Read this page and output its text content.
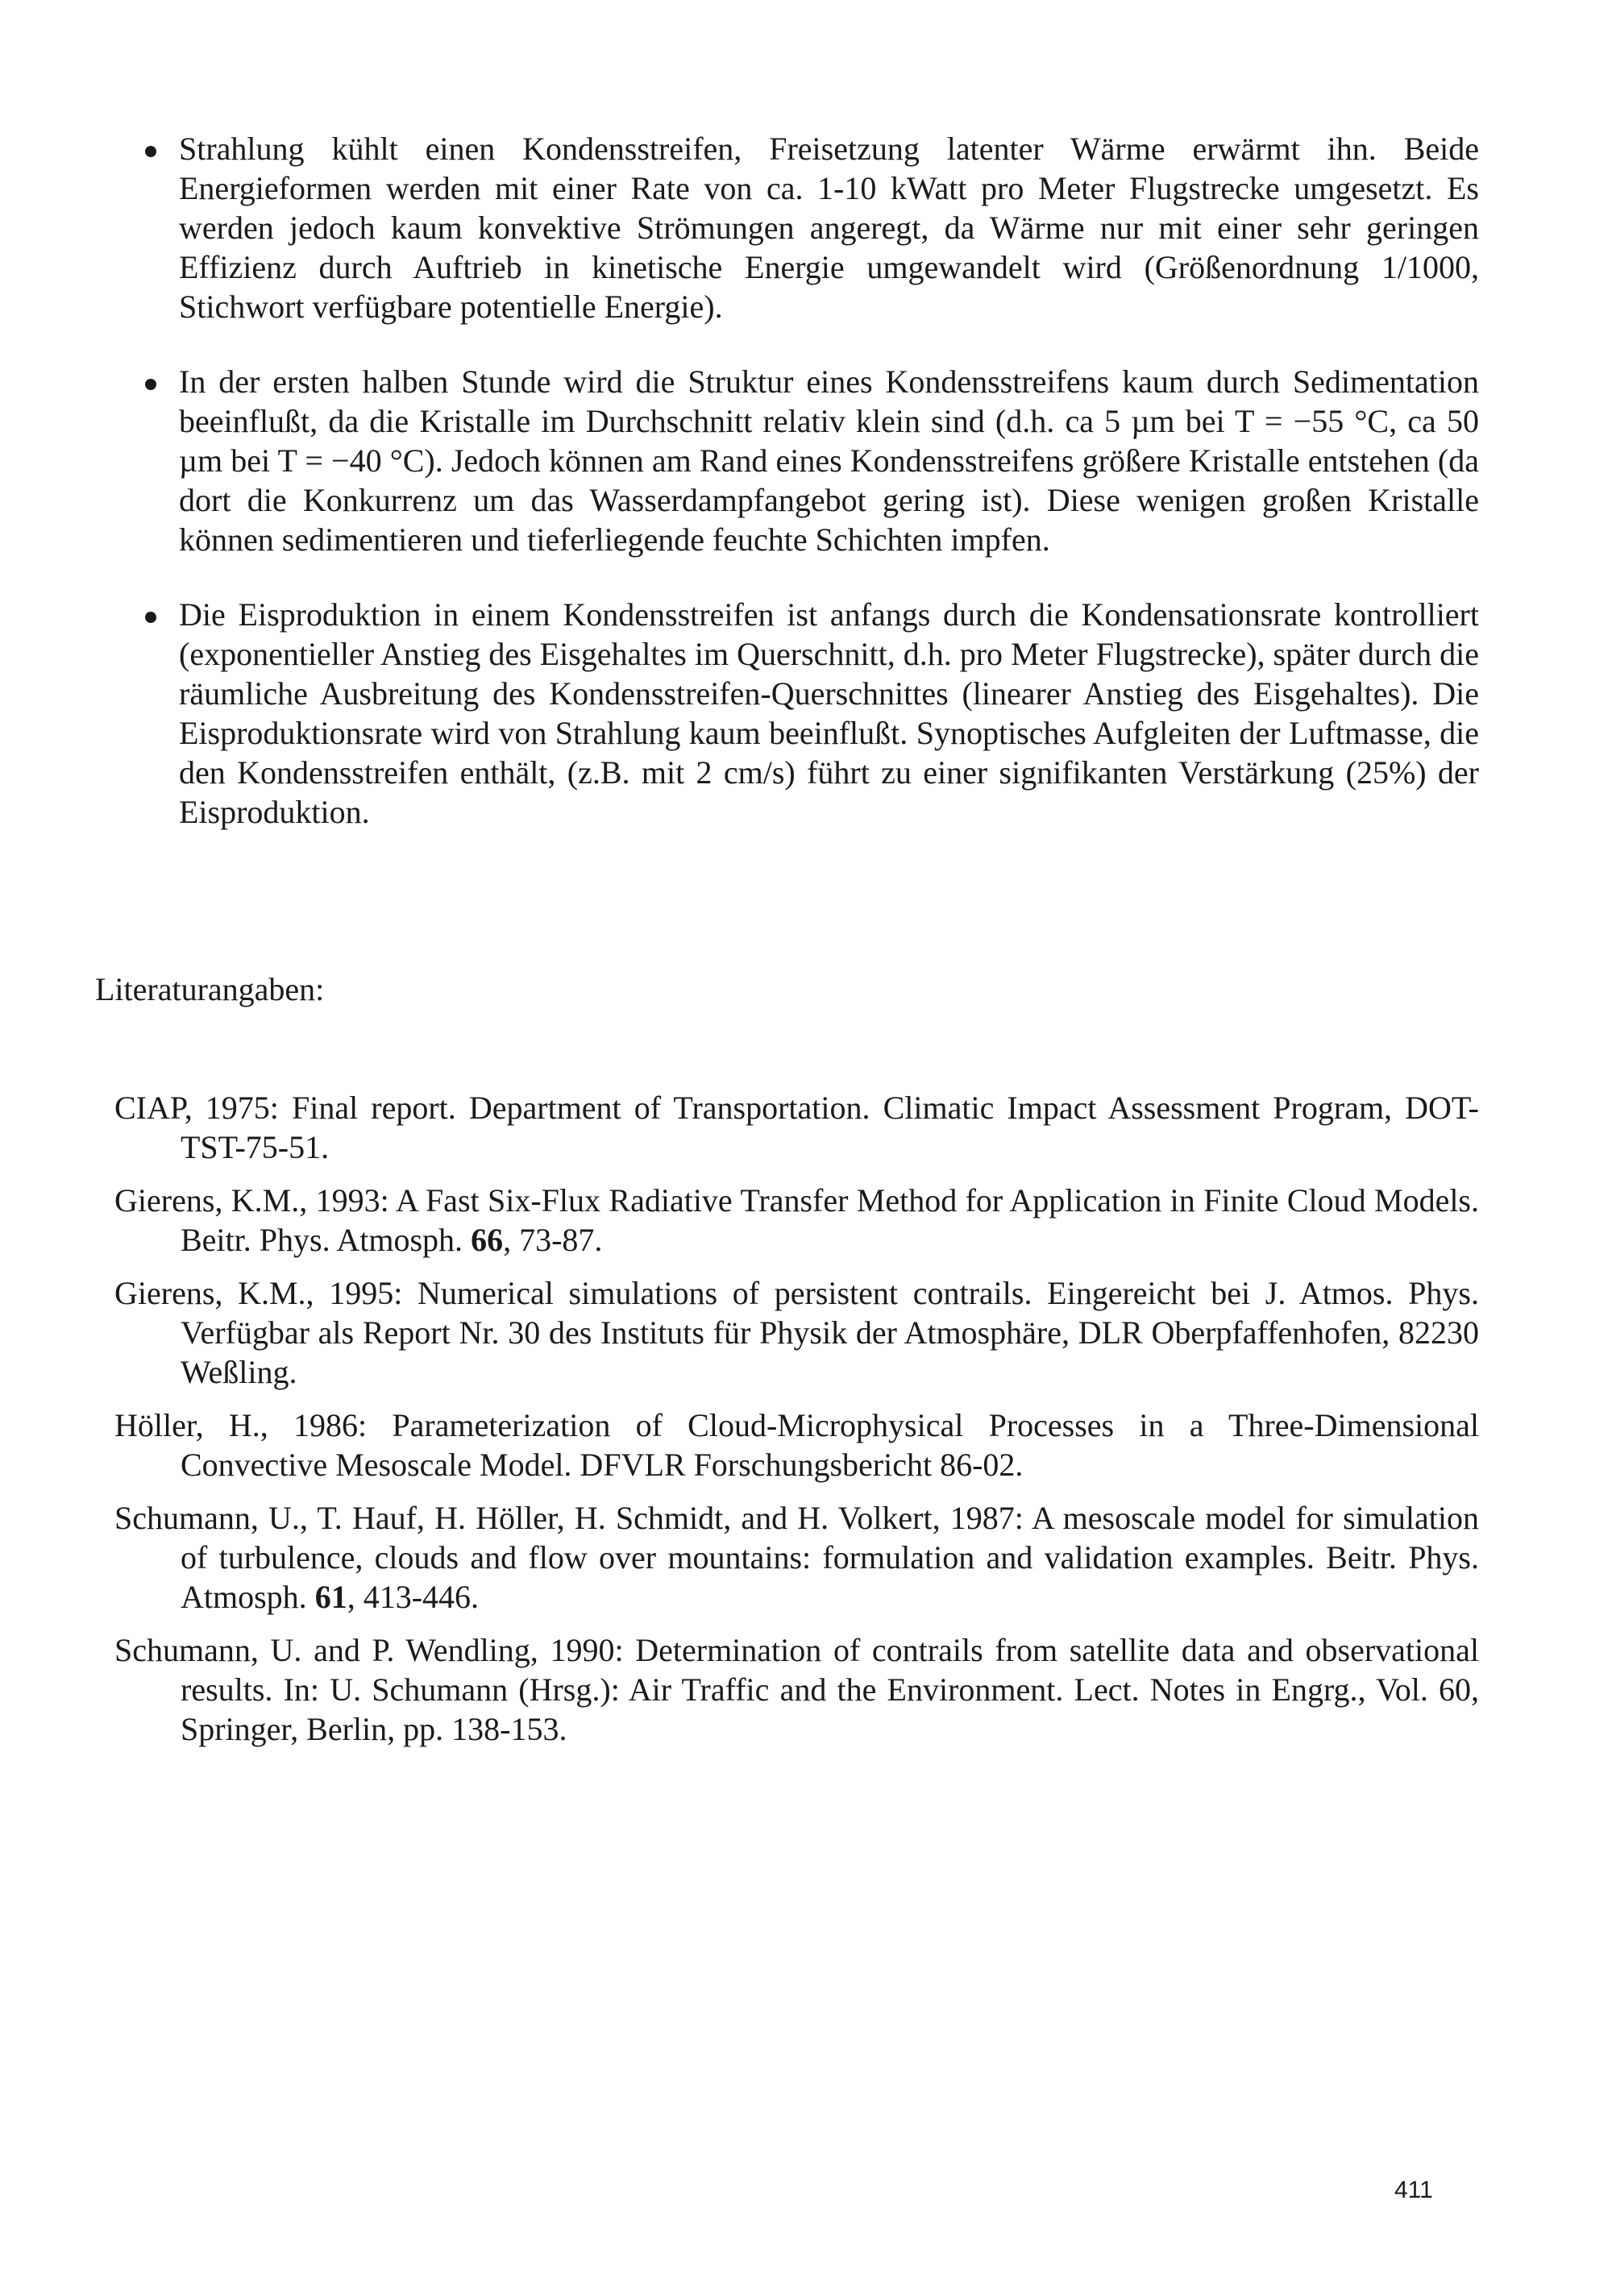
Strahlung kühlt einen Kondensstreifen, Freisetzung latenter Wärme erwärmt ihn. Beide Energieformen werden mit einer Rate von ca. 1-10 kWatt pro Meter Flugstrecke umgesetzt. Es werden jedoch kaum konvektive Strömungen angeregt, da Wärme nur mit einer sehr geringen Effizienz durch Auftrieb in kinetische Energie umgewandelt wird (Größenordnung 1/1000, Stichwort verfügbare potentielle Energie).
In der ersten halben Stunde wird die Struktur eines Kondensstreifens kaum durch Sedimentation beeinflußt, da die Kristalle im Durchschnitt relativ klein sind (d.h. ca 5 µm bei T = −55 °C, ca 50 µm bei T = −40 °C). Jedoch können am Rand eines Kondensstreifens größere Kristalle entstehen (da dort die Konkurrenz um das Wasserdampfangebot gering ist). Diese wenigen großen Kristalle können sedimentieren und tieferliegende feuchte Schichten impfen.
Die Eisproduktion in einem Kondensstreifen ist anfangs durch die Kondensationsrate kontrolliert (exponentieller Anstieg des Eisgehaltes im Querschnitt, d.h. pro Meter Flugstrecke), später durch die räumliche Ausbreitung des Kondensstreifen-Querschnittes (linearer Anstieg des Eisgehaltes). Die Eisproduktionsrate wird von Strahlung kaum beeinflußt. Synoptisches Aufgleiten der Luftmasse, die den Kondensstreifen enthält, (z.B. mit 2 cm/s) führt zu einer signifikanten Verstärkung (25%) der Eisproduktion.
Literaturangaben:
CIAP, 1975: Final report. Department of Transportation. Climatic Impact Assessment Program, DOT-TST-75-51.
Gierens, K.M., 1993: A Fast Six-Flux Radiative Transfer Method for Application in Finite Cloud Models. Beitr. Phys. Atmosph. 66, 73-87.
Gierens, K.M., 1995: Numerical simulations of persistent contrails. Eingereicht bei J. Atmos. Phys. Verfügbar als Report Nr. 30 des Instituts für Physik der Atmosphäre, DLR Oberpfaffenhofen, 82230 Weßling.
Höller, H., 1986: Parameterization of Cloud-Microphysical Processes in a Three-Dimensional Convective Mesoscale Model. DFVLR Forschungsbericht 86-02.
Schumann, U., T. Hauf, H. Höller, H. Schmidt, and H. Volkert, 1987: A mesoscale model for simulation of turbulence, clouds and flow over mountains: formulation and validation examples. Beitr. Phys. Atmosph. 61, 413-446.
Schumann, U. and P. Wendling, 1990: Determination of contrails from satellite data and observational results. In: U. Schumann (Hrsg.): Air Traffic and the Environment. Lect. Notes in Engrg., Vol. 60, Springer, Berlin, pp. 138-153.
411
